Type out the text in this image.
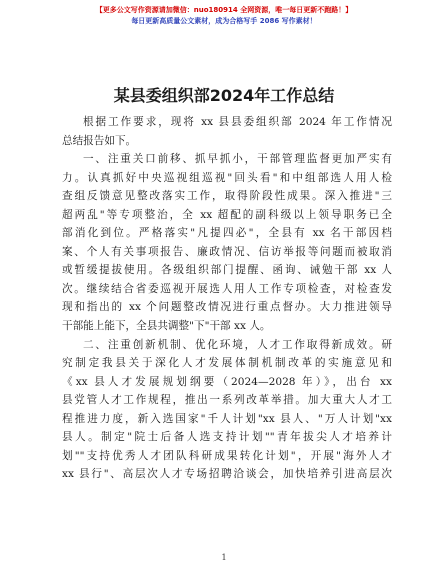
【更多公文写作资源请加微信：nuo180914 全网资源，唯一每日更新不跑路！】
每日更新高质量公文素材，成为合格写手 2086 写作素材！
某县委组织部2024年工作总结
根据工作要求，现将 xx 县县委组织部 2024 年工作情况
总结报告如下。
一、注重关口前移、抓早抓小，干部管理监督更加严实有
力。认真抓好中央巡视组巡视"回头看"和中组部选人用人检
查组反馈意见整改落实工作，取得阶段性成果。深入推进"三
超两乱"等专项整治，全 xx 超配的副科级以上领导职务已全
部消化到位。严格落实"凡提四必"，全县有 xx 名干部因档
案、个人有关事项报告、廉政情况、信访举报等问题而被取消
或暂缓提拔使用。各级组织部门提醒、函询、诫勉干部 xx 人
次。继续结合省委巡视开展选人用人工作专项检查，对检查发
现和指出的 xx 个问题整改情况进行重点督办。大力推进领导
干部能上能下，全县共调整"下"干部 xx 人。
二、注重创新机制、优化环境，人才工作取得新成效。研
究制定我县关于深化人才发展体制机制改革的实施意见和
《xx 县人才发展规划纲要（2024—2028 年）》，出台 xx
县党管人才工作规程，推出一系列改革举措。加大重大人才工
程推进力度，新入选国家"千人计划"xx 县人、"万人计划"xx
县人。制定"院士后备人选支持计划""青年拔尖人才培养计
划""支持优秀人才团队科研成果转化计划"，开展"海外人才
xx 县行"、高层次人才专场招聘洽谈会，加快培养引进高层次
1
